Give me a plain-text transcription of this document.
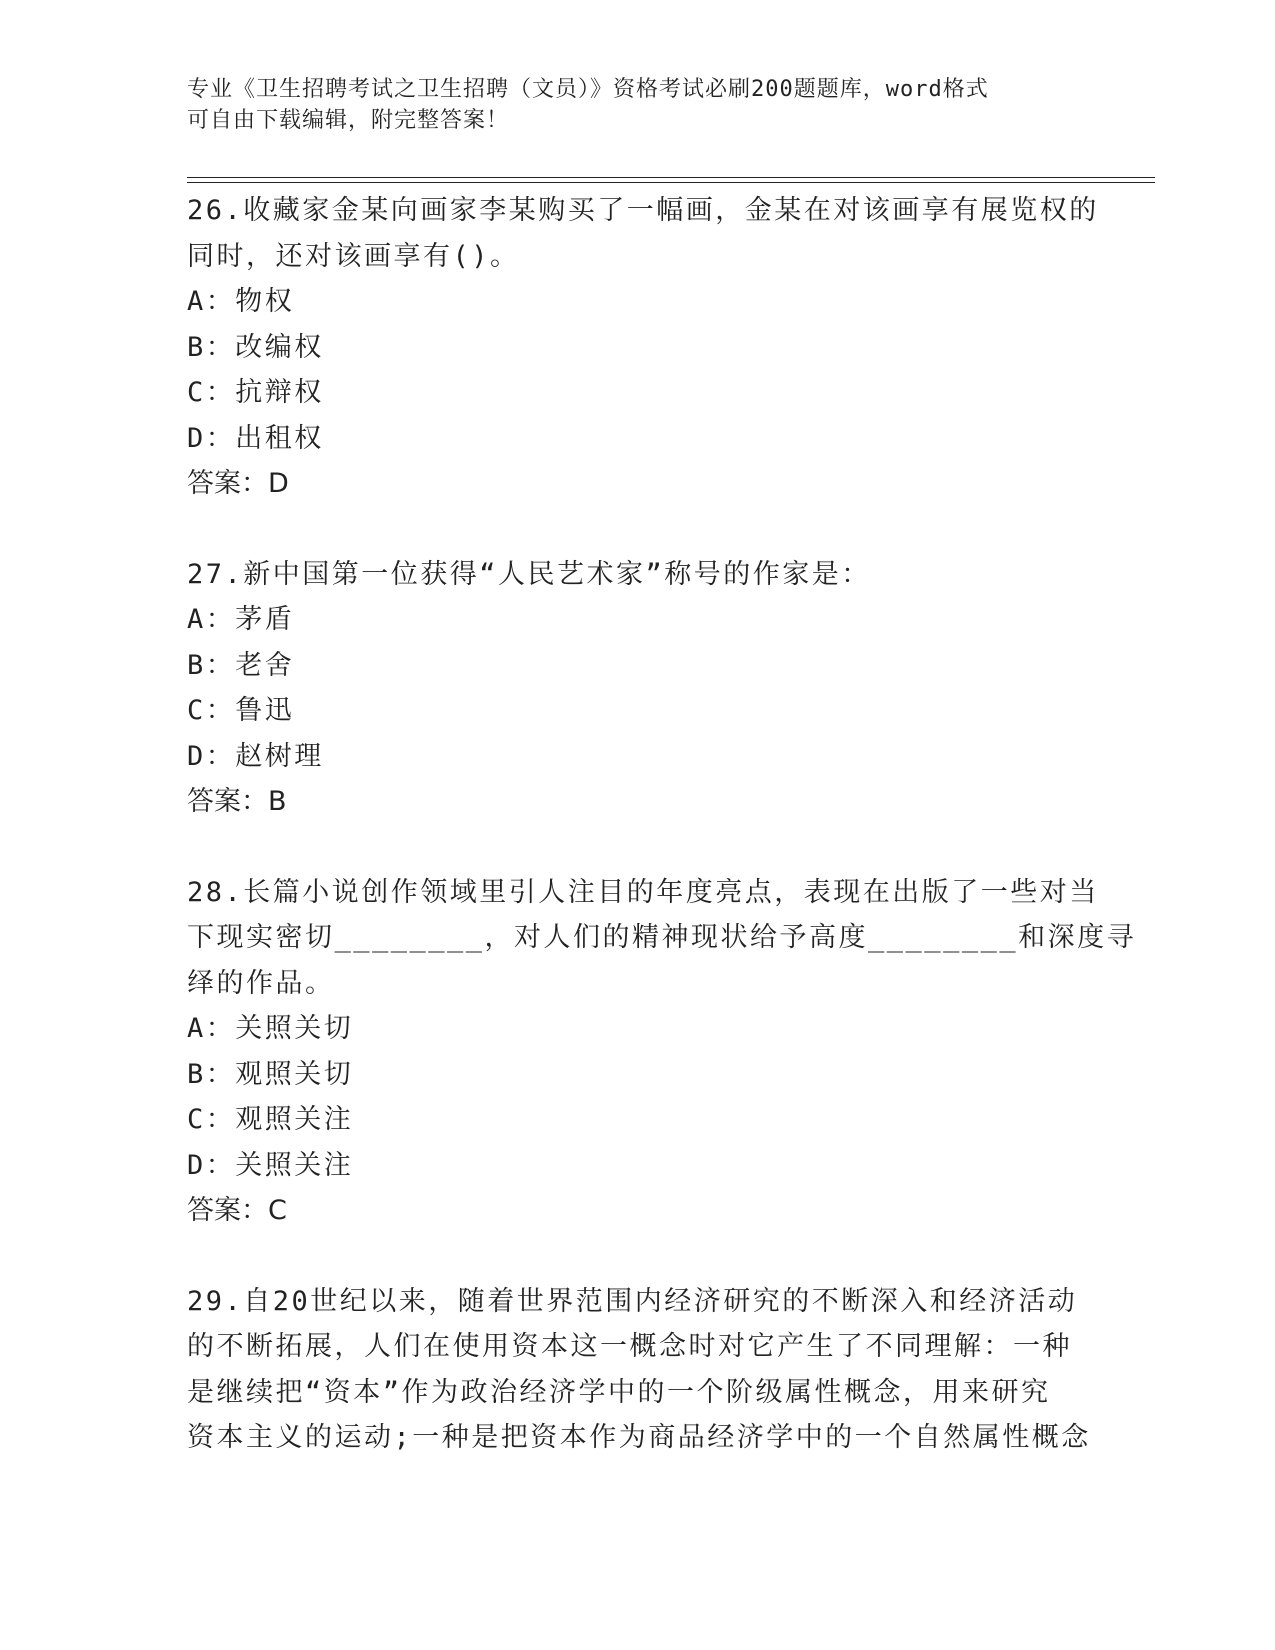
专业《卫生招聘考试之卫生招聘（文员）》资格考试必刷200题题库，word格式

可自由下载编辑，附完整答案！

26.收藏家金某向画家李某购买了一幅画，金某在对该画享有展览权的

同时，还对该画享有()。

A：物权

B：改编权

C：抗辩权

D：出租权

答案：D

27.新中国第一位获得“人民艺术家”称号的作家是：

A：茅盾

B：老舍

C：鲁迅

D：赵树理

答案：B

28.长篇小说创作领域里引人注目的年度亮点，表现在出版了一些对当

下现实密切________，对人们的精神现状给予高度________和深度寻

绎的作品。

A：关照关切

B：观照关切

C：观照关注

D：关照关注

答案：C

29.自20世纪以来，随着世界范围内经济研究的不断深入和经济活动

的不断拓展，人们在使用资本这一概念时对它产生了不同理解：一种

是继续把“资本”作为政治经济学中的一个阶级属性概念，用来研究

资本主义的运动;一种是把资本作为商品经济学中的一个自然属性概念
